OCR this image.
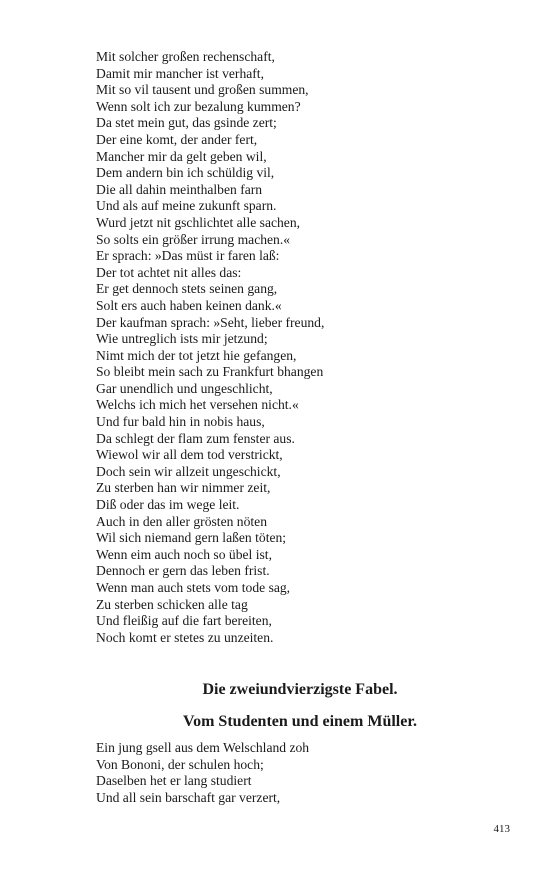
Mit solcher großen rechenschaft,
Damit mir mancher ist verhaft,
Mit so vil tausent und großen summen,
Wenn solt ich zur bezalung kummen?
Da stet mein gut, das gsinde zert;
Der eine komt, der ander fert,
Mancher mir da gelt geben wil,
Dem andern bin ich schüldig vil,
Die all dahin meinthalben farn
Und als auf meine zukunft sparn.
Wurd jetzt nit gschlichtet alle sachen,
So solts ein größer irrung machen.«
Er sprach: »Das müst ir faren laß:
Der tot achtet nit alles das:
Er get dennoch stets seinen gang,
Solt ers auch haben keinen dank.«
Der kaufman sprach: »Seht, lieber freund,
Wie untreglich ists mir jetzund;
Nimt mich der tot jetzt hie gefangen,
So bleibt mein sach zu Frankfurt bhangen
Gar unendlich und ungeschlicht,
Welchs ich mich het versehen nicht.«
Und fur bald hin in nobis haus,
Da schlegt der flam zum fenster aus.
Wiewol wir all dem tod verstrickt,
Doch sein wir allzeit ungeschickt,
Zu sterben han wir nimmer zeit,
Diß oder das im wege leit.
Auch in den aller grösten nöten
Wil sich niemand gern laßen töten;
Wenn eim auch noch so übel ist,
Dennoch er gern das leben frist.
Wenn man auch stets vom tode sag,
Zu sterben schicken alle tag
Und fleißig auf die fart bereiten,
Noch komt er stetes zu unzeiten.
Die zweiundvierzigste Fabel.
Vom Studenten und einem Müller.
Ein jung gsell aus dem Welschland zoh
Von Bononi, der schulen hoch;
Daselben het er lang studiert
Und all sein barschaft gar verzert,
413
